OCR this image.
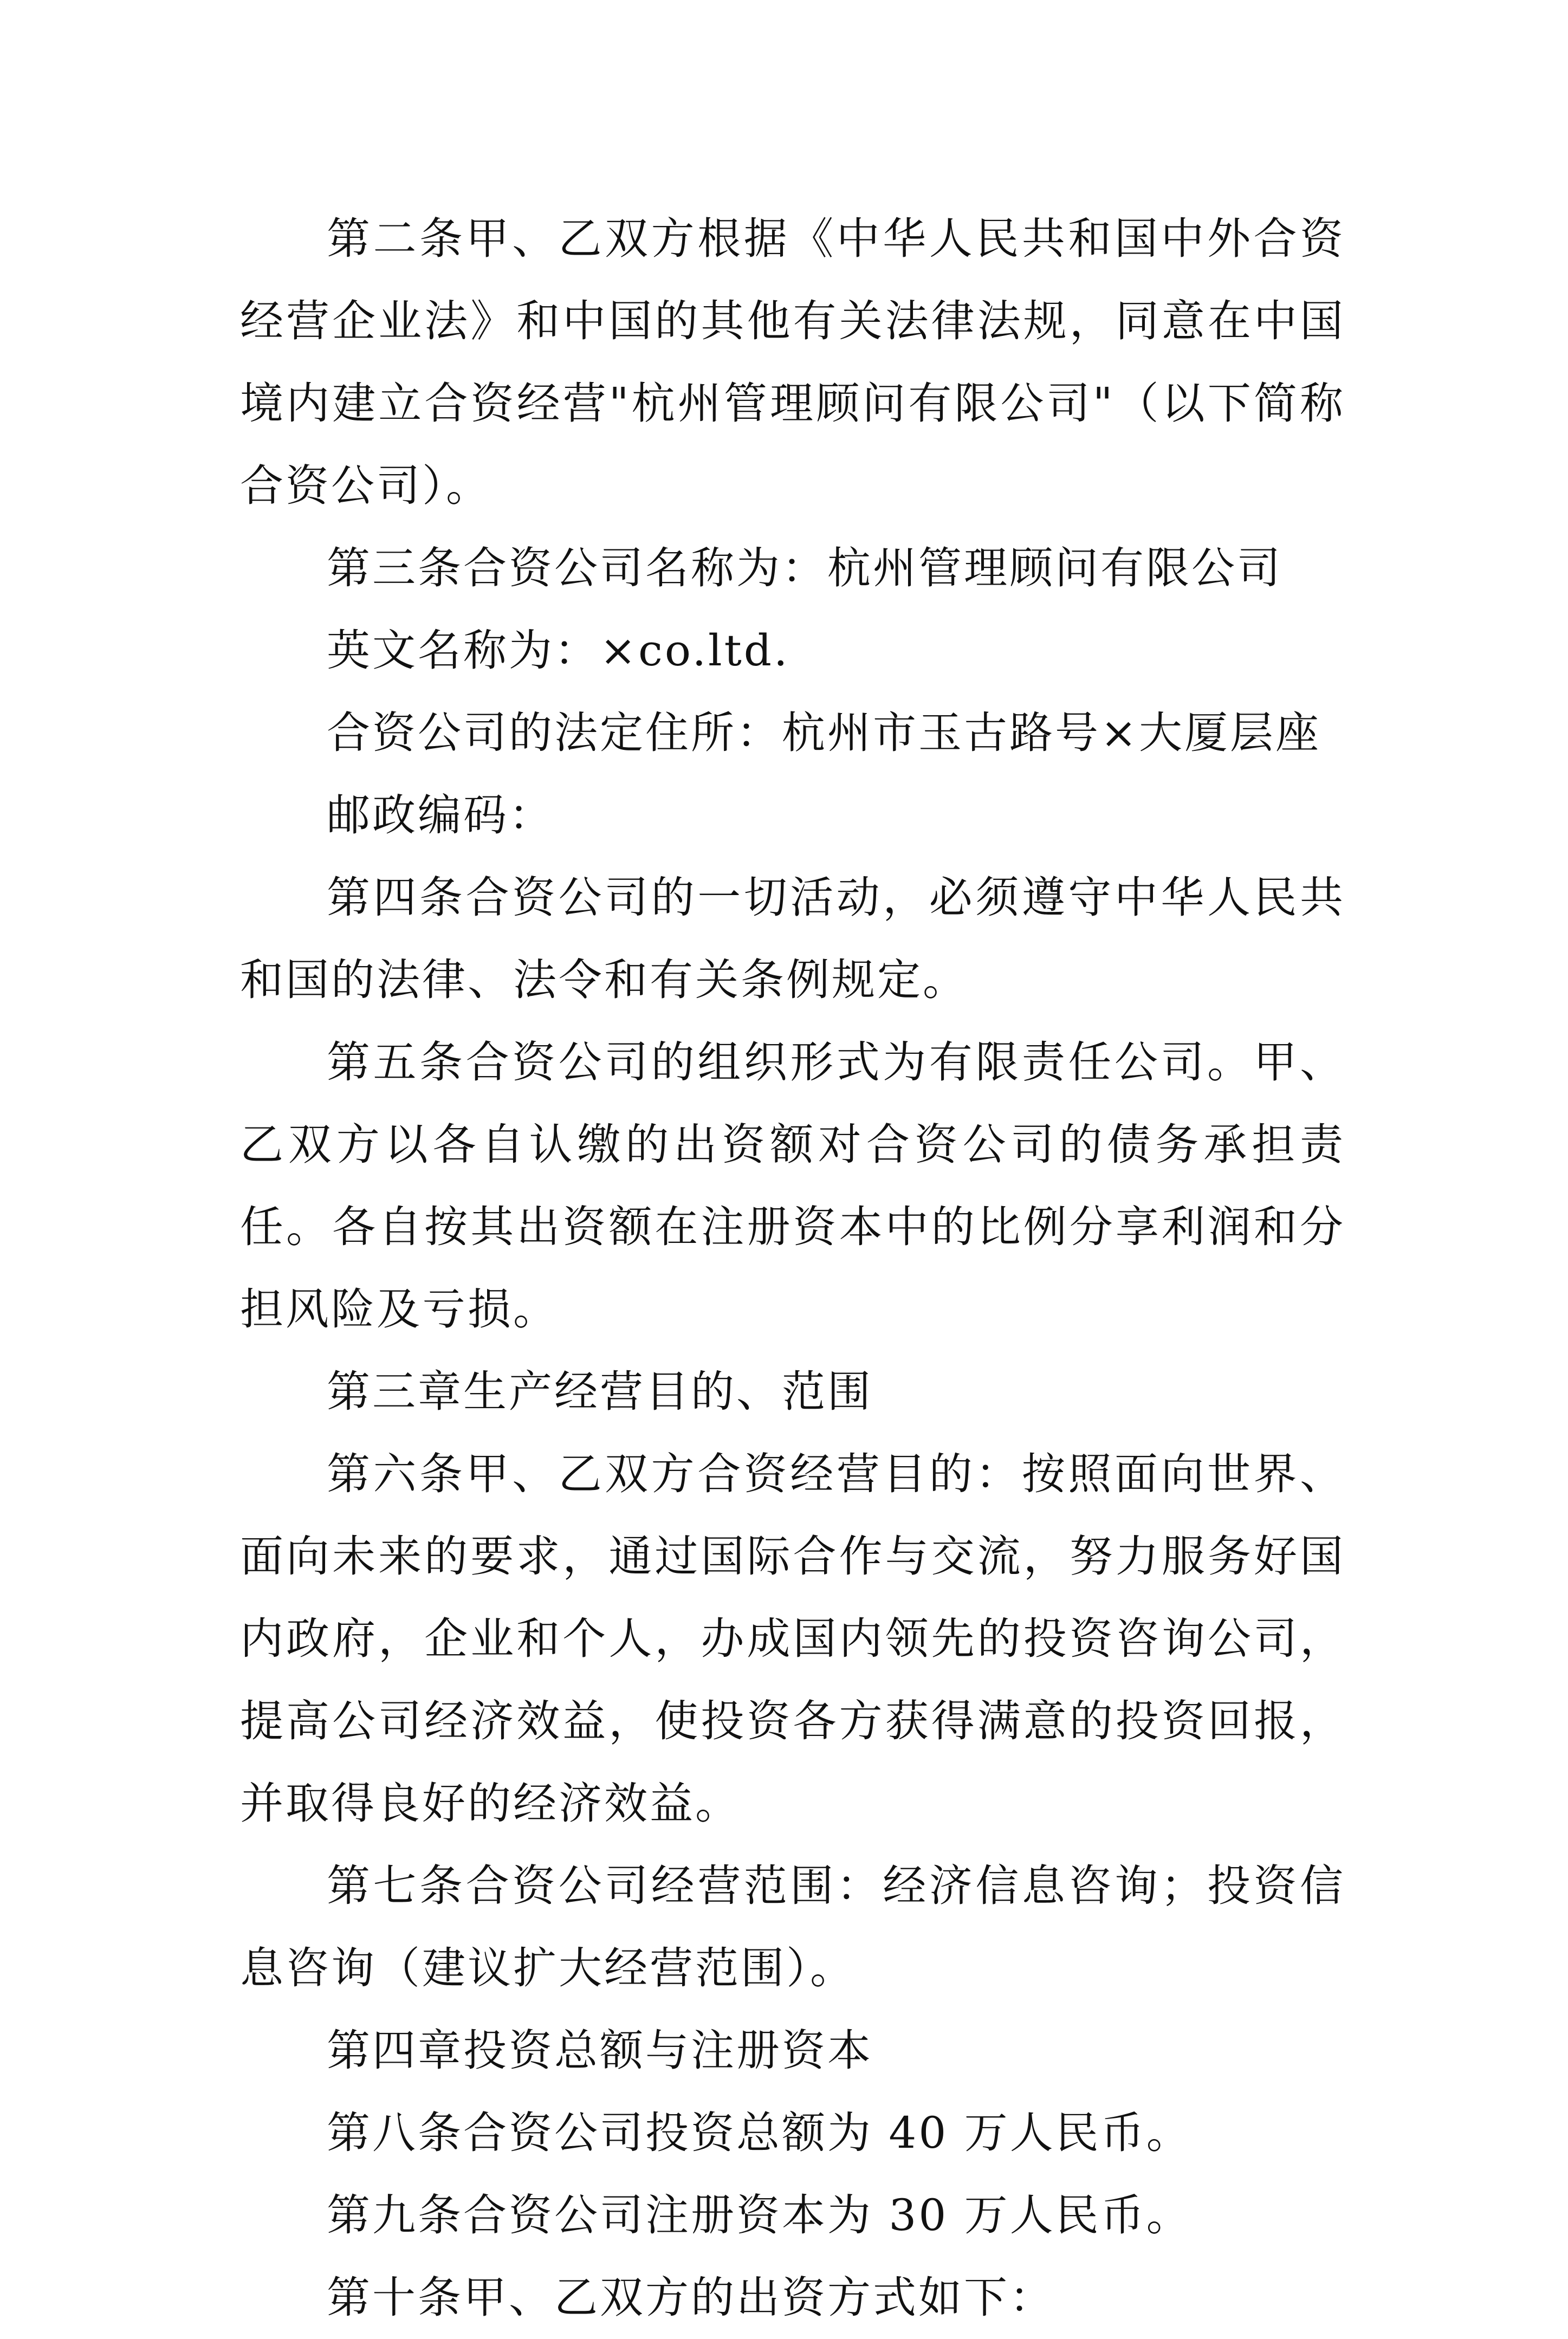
第二条甲、乙双方根据《中华人民共和国中外合资经营企业法》和中国的其他有关法律法规，同意在中国境内建立合资经营"杭州管理顾问有限公司"（以下简称合资公司）。

第三条合资公司名称为：杭州管理顾问有限公司

英文名称为：×co.ltd.

合资公司的法定住所：杭州市玉古路号×大厦层座

邮政编码：

第四条合资公司的一切活动，必须遵守中华人民共和国的法律、法令和有关条例规定。

第五条合资公司的组织形式为有限责任公司。甲、乙双方以各自认缴的出资额对合资公司的债务承担责任。各自按其出资额在注册资本中的比例分享利润和分担风险及亏损。

第三章生产经营目的、范围

第六条甲、乙双方合资经营目的：按照面向世界、面向未来的要求，通过国际合作与交流，努力服务好国内政府，企业和个人，办成国内领先的投资咨询公司，提高公司经济效益，使投资各方获得满意的投资回报，并取得良好的经济效益。

第七条合资公司经营范围：经济信息咨询；投资信息咨询（建议扩大经营范围）。

第四章投资总额与注册资本

第八条合资公司投资总额为 40 万人民币。

第九条合资公司注册资本为 30 万人民币。

第十条甲、乙双方的出资方式如下：
